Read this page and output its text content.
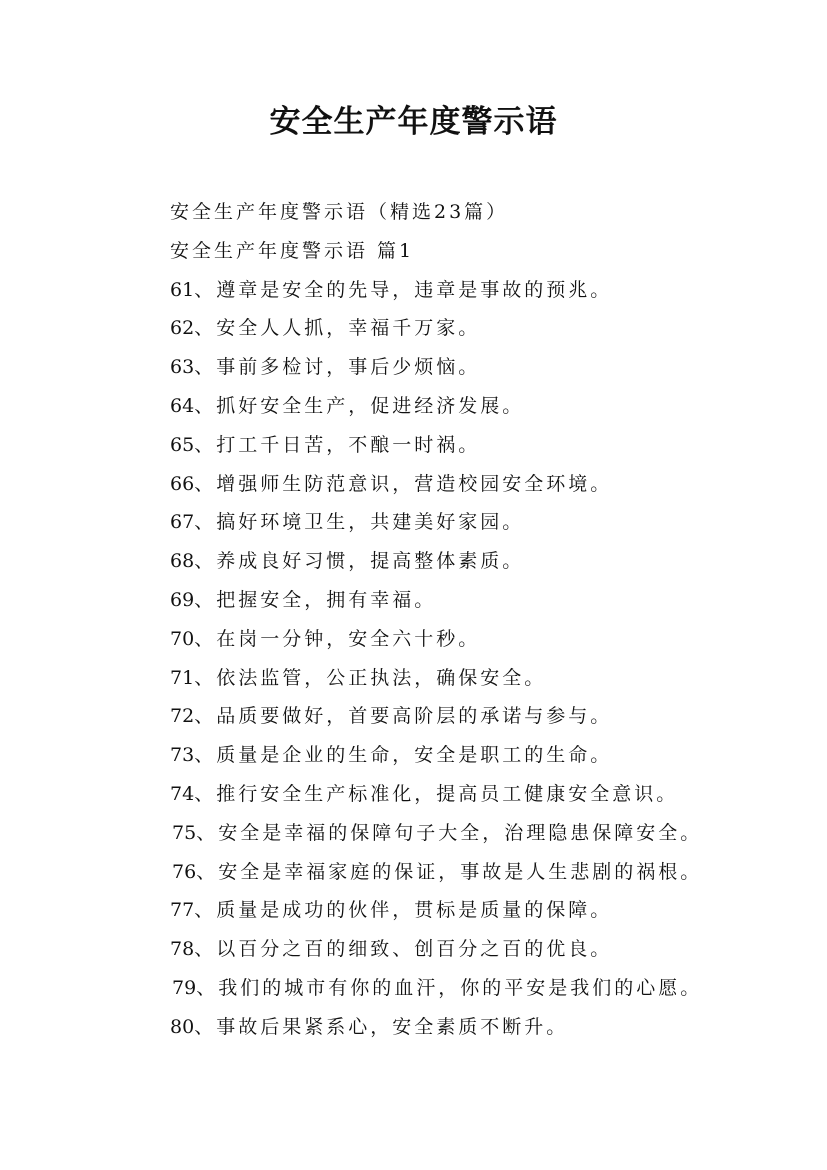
安全生产年度警示语

安全生产年度警示语（精选23篇）

安全生产年度警示语 篇1

61、遵章是安全的先导，违章是事故的预兆。

62、安全人人抓，幸福千万家。

63、事前多检讨，事后少烦恼。

64、抓好安全生产，促进经济发展。

65、打工千日苦，不酿一时祸。

66、增强师生防范意识，营造校园安全环境。

67、搞好环境卫生，共建美好家园。

68、养成良好习惯，提高整体素质。

69、把握安全，拥有幸福。

70、在岗一分钟，安全六十秒。

71、依法监管，公正执法，确保安全。

72、品质要做好，首要高阶层的承诺与参与。

73、质量是企业的生命，安全是职工的生命。

74、推行安全生产标准化，提高员工健康安全意识。

75、安全是幸福的保障句子大全，治理隐患保障安全。

76、安全是幸福家庭的保证，事故是人生悲剧的祸根。

77、质量是成功的伙伴，贯标是质量的保障。

78、以百分之百的细致、创百分之百的优良。

79、我们的城市有你的血汗，你的平安是我们的心愿。

80、事故后果紧系心，安全素质不断升。
